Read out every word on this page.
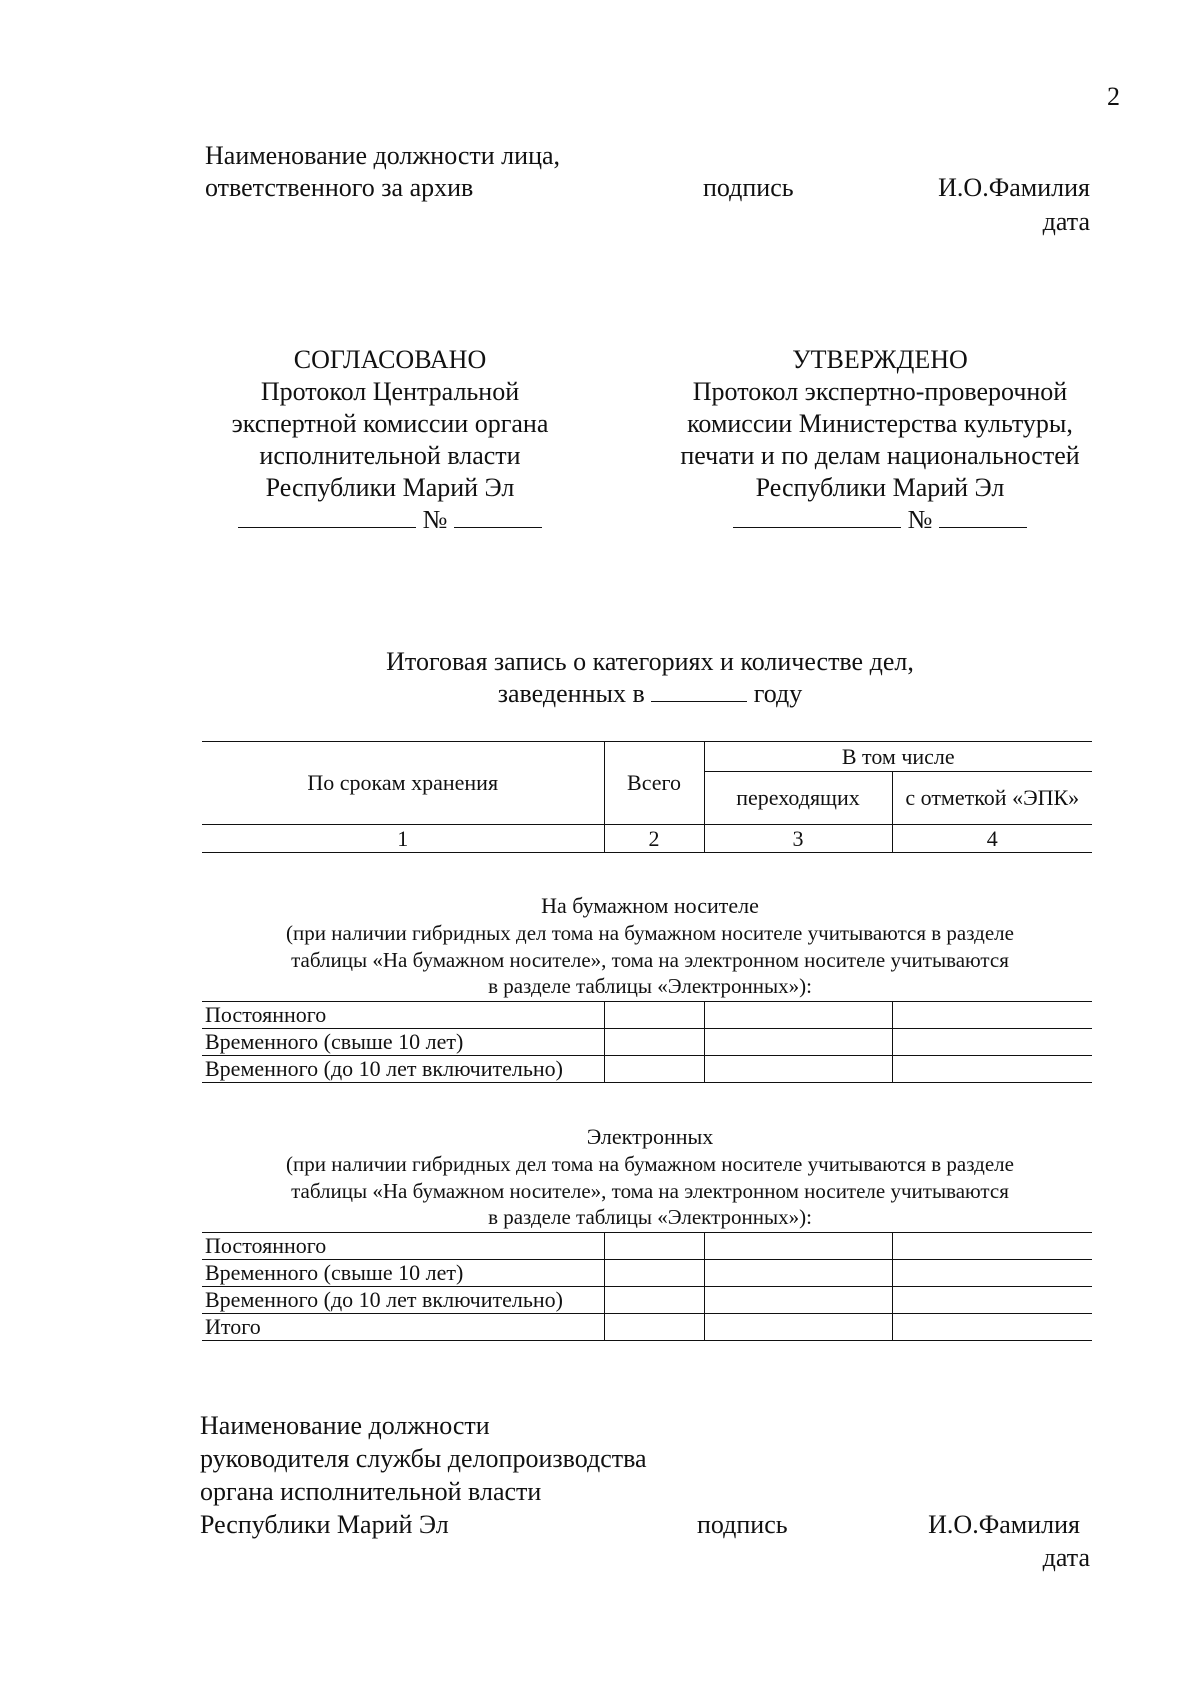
2
Наименование должности лица,
ответственного за архив	подпись	И.О.Фамилия
дата
СОГЛАСОВАНО
Протокол Центральной
экспертной комиссии органа
исполнительной власти
Республики Марий Эл
№
УТВЕРЖДЕНО
Протокол экспертно-проверочной
комиссии Министерства культуры,
печати и по делам национальностей
Республики Марий Эл
№
Итоговая запись о категориях и количестве дел,
заведенных в	году
По срокам хранения	Всего	В том числе	
		переходящих	с отметкой «ЭПК»
1	2	3	4
На бумажном носителе
(при наличии гибридных дел тома на бумажном носителе учитываются в разделе
таблицы «На бумажном носителе», тома на электронном носителе учитываются
в разделе таблицы «Электронных»):
Постоянного			
Временного (свыше 10 лет)			
Временного (до 10 лет включительно)			
Электронных
(при наличии гибридных дел тома на бумажном носителе учитываются в разделе
таблицы «На бумажном носителе», тома на электронном носителе учитываются
в разделе таблицы «Электронных»):
Постоянного			
Временного (свыше 10 лет)			
Временного (до 10 лет включительно)			
Итого			
Наименование должности
руководителя службы делопроизводства
органа исполнительной власти
Республики Марий Эл	подпись	И.О.Фамилия
дата
